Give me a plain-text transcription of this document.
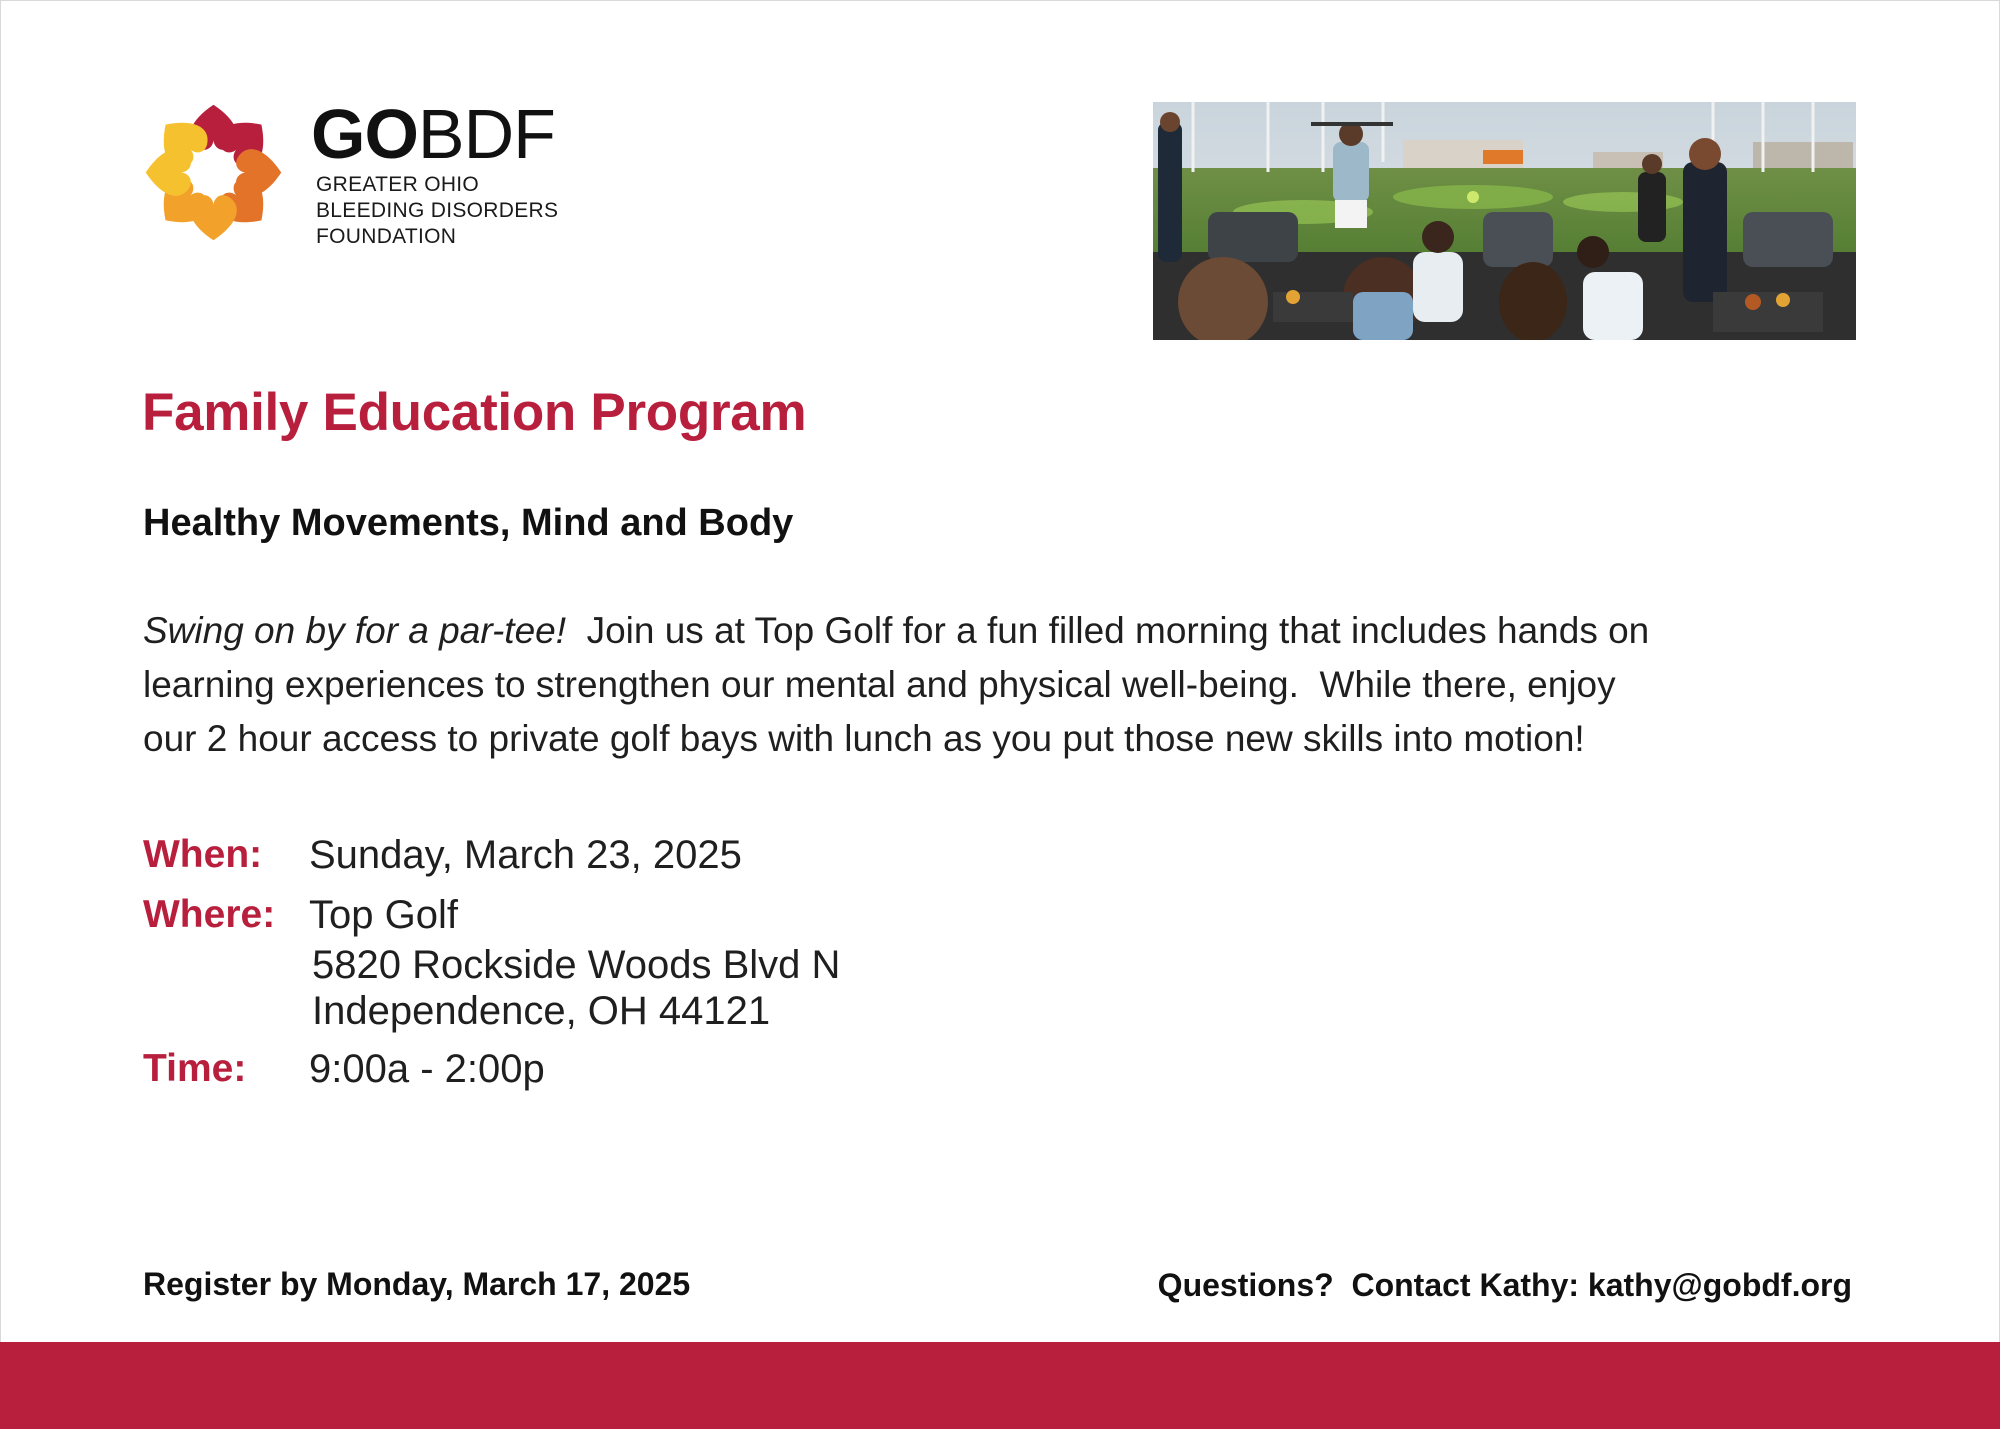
GOBDF
GREATER OHIO
BLEEDING DISORDERS
FOUNDATION
Family Education Program
Healthy Movements, Mind and Body
Swing on by for a par-tee!  Join us at Top Golf for a fun filled morning that includes hands on
learning experiences to strengthen our mental and physical well-being.  While there, enjoy
our 2 hour access to private golf bays with lunch as you put those new skills into motion!
When: Sunday, March 23, 2025
Where: Top Golf
5820 Rockside Woods Blvd N
Independence, OH 44121
Time: 9:00a - 2:00p
Register by Monday, March 17, 2025	Questions?  Contact Kathy: kathy@gobdf.org
